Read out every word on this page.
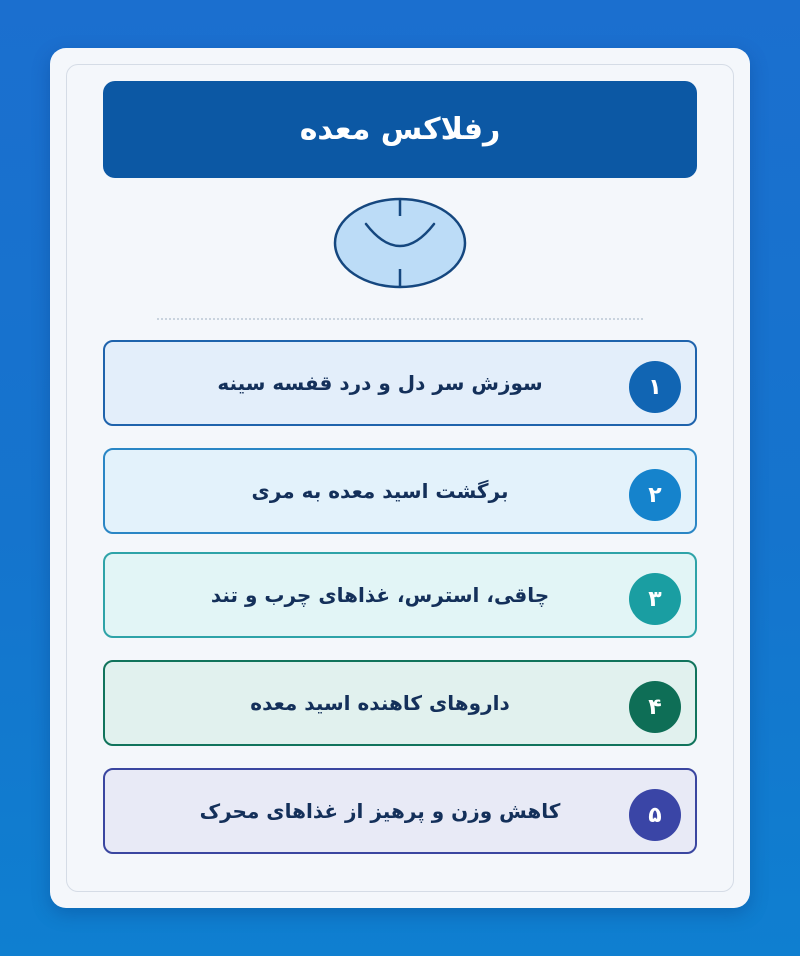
رفلاکس معده
١
سوزش سر دل و درد قفسه سینه
٢
برگشت اسید معده به مری
٣
چاقی، استرس، غذاهای چرب و تند
۴
داروهای کاهنده اسید معده
۵
کاهش وزن و پرهیز از غذاهای محرک
